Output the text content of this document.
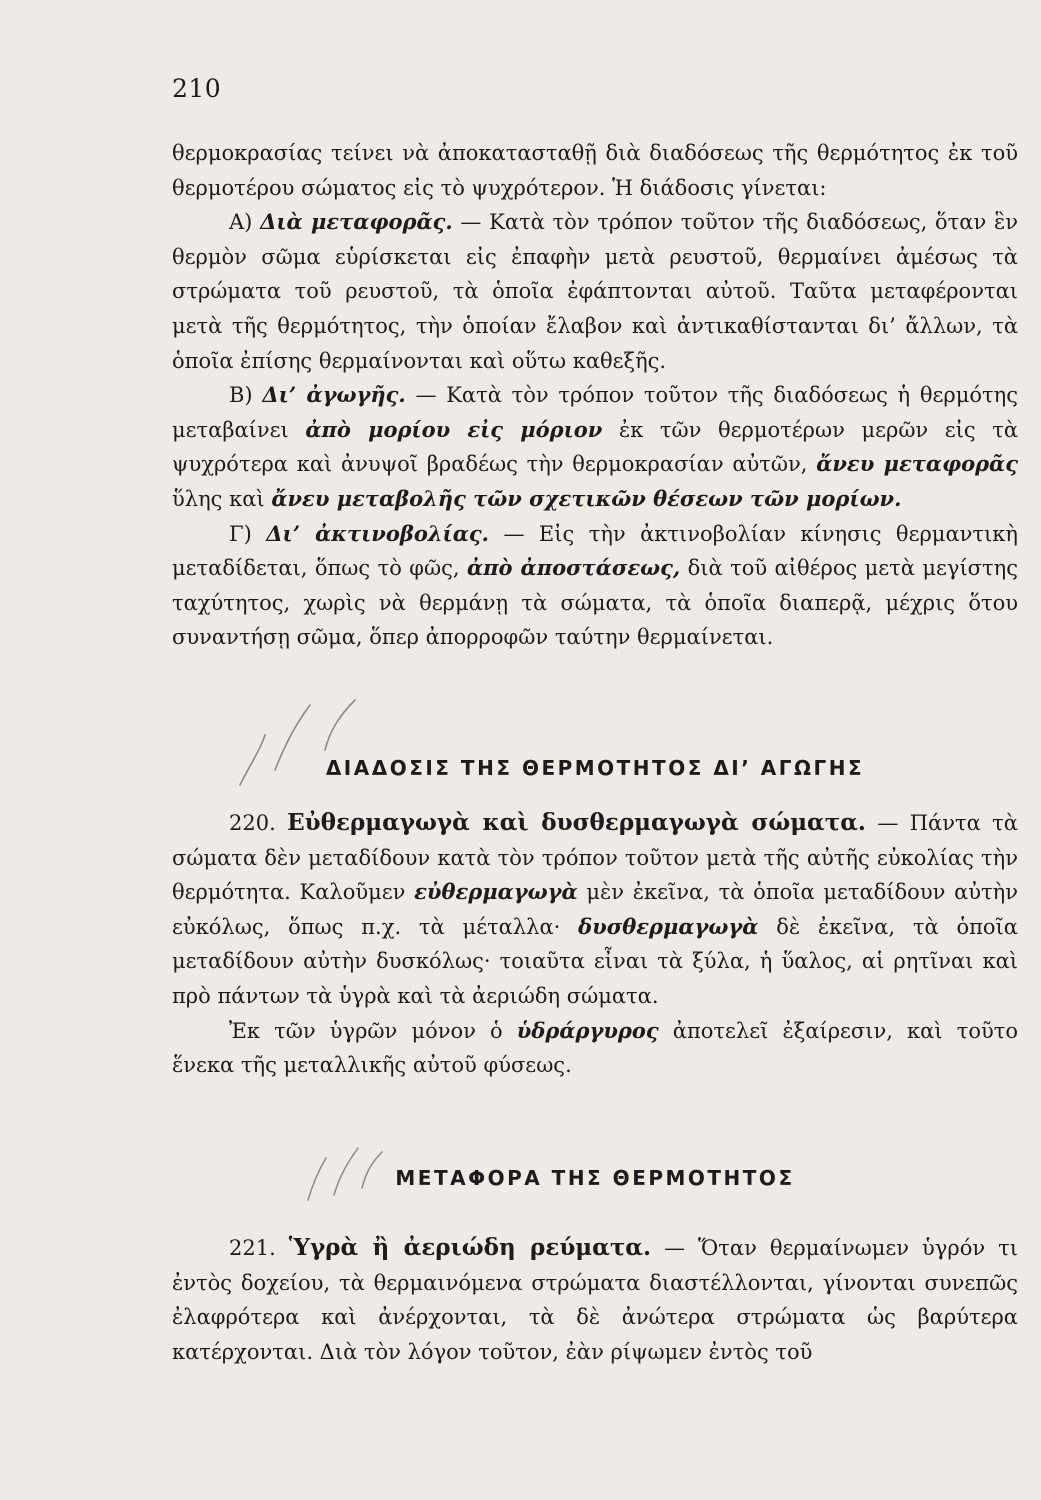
210

θερμοκρασίας τείνει νὰ ἀποκατασταθῇ διὰ διαδόσεως τῆς θερμότητος ἐκ τοῦ θερμοτέρου σώματος εἰς τὸ ψυχρότερον. Ἡ διάδοσις γίνεται:

Α) Διὰ μεταφορᾶς. — Κατὰ τὸν τρόπον τοῦτον τῆς διαδόσεως, ὅταν ἓν θερμὸν σῶμα εὑρίσκεται εἰς ἐπαφὴν μετὰ ρευστοῦ, θερμαίνει ἀμέσως τὰ στρώματα τοῦ ρευστοῦ, τὰ ὁποῖα ἐφάπτονται αὐτοῦ. Ταῦτα μεταφέρονται μετὰ τῆς θερμότητος, τὴν ὁποίαν ἔλαβον καὶ ἀντικαθίστανται δι’ ἄλλων, τὰ ὁποῖα ἐπίσης θερμαίνονται καὶ οὕτω καθεξῆς.

Β) Δι’ ἀγωγῆς. — Κατὰ τὸν τρόπον τοῦτον τῆς διαδόσεως ἡ θερμότης μεταβαίνει ἀπὸ μορίου εἰς μόριον ἐκ τῶν θερμοτέρων μερῶν εἰς τὰ ψυχρότερα καὶ ἀνυψοῖ βραδέως τὴν θερμοκρασίαν αὐτῶν, ἄνευ μεταφορᾶς ὕλης καὶ ἄνευ μεταβολῆς τῶν σχετικῶν θέσεων τῶν μορίων.

Γ) Δι’ ἀκτινοβολίας. — Εἰς τὴν ἀκτινοβολίαν κίνησις θερμαντικὴ μεταδίδεται, ὅπως τὸ φῶς, ἀπὸ ἀποστάσεως, διὰ τοῦ αἰθέρος μετὰ μεγίστης ταχύτητος, χωρὶς νὰ θερμάνῃ τὰ σώματα, τὰ ὁποῖα διαπερᾷ, μέχρις ὅτου συναντήσῃ σῶμα, ὅπερ ἀπορροφῶν ταύτην θερμαίνεται.

ΔΙΑΔΟΣΙΣ ΤΗΣ ΘΕΡΜΟΤΗΤΟΣ ΔΙ’ ΑΓΩΓΗΣ

220. Εὐθερμαγωγὰ καὶ δυσθερμαγωγὰ σώματα. — Πάντα τὰ σώματα δὲν μεταδίδουν κατὰ τὸν τρόπον τοῦτον μετὰ τῆς αὐτῆς εὐκολίας τὴν θερμότητα. Καλοῦμεν εὐθερμαγωγὰ μὲν ἐκεῖνα, τὰ ὁποῖα μεταδίδουν αὐτὴν εὐκόλως, ὅπως π.χ. τὰ μέταλλα· δυσθερμαγωγὰ δὲ ἐκεῖνα, τὰ ὁποῖα μεταδίδουν αὐτὴν δυσκόλως· τοιαῦτα εἶναι τὰ ξύλα, ἡ ὕαλος, αἱ ρητῖναι καὶ πρὸ πάντων τὰ ὑγρὰ καὶ τὰ ἀεριώδη σώματα.

Ἐκ τῶν ὑγρῶν μόνον ὁ ὑδράργυρος ἀποτελεῖ ἐξαίρεσιν, καὶ τοῦτο ἕνεκα τῆς μεταλλικῆς αὐτοῦ φύσεως.

ΜΕΤΑΦΟΡΑ ΤΗΣ ΘΕΡΜΟΤΗΤΟΣ

221. Ὑγρὰ ἢ ἀεριώδη ρεύματα. — Ὅταν θερμαίνωμεν ὑγρόν τι ἐντὸς δοχείου, τὰ θερμαινόμενα στρώματα διαστέλλονται, γίνονται συνεπῶς ἐλαφρότερα καὶ ἀνέρχονται, τὰ δὲ ἀνώτερα στρώματα ὡς βαρύτερα κατέρχονται. Διὰ τὸν λόγον τοῦτον, ἐὰν ρίψωμεν ἐντὸς τοῦ
